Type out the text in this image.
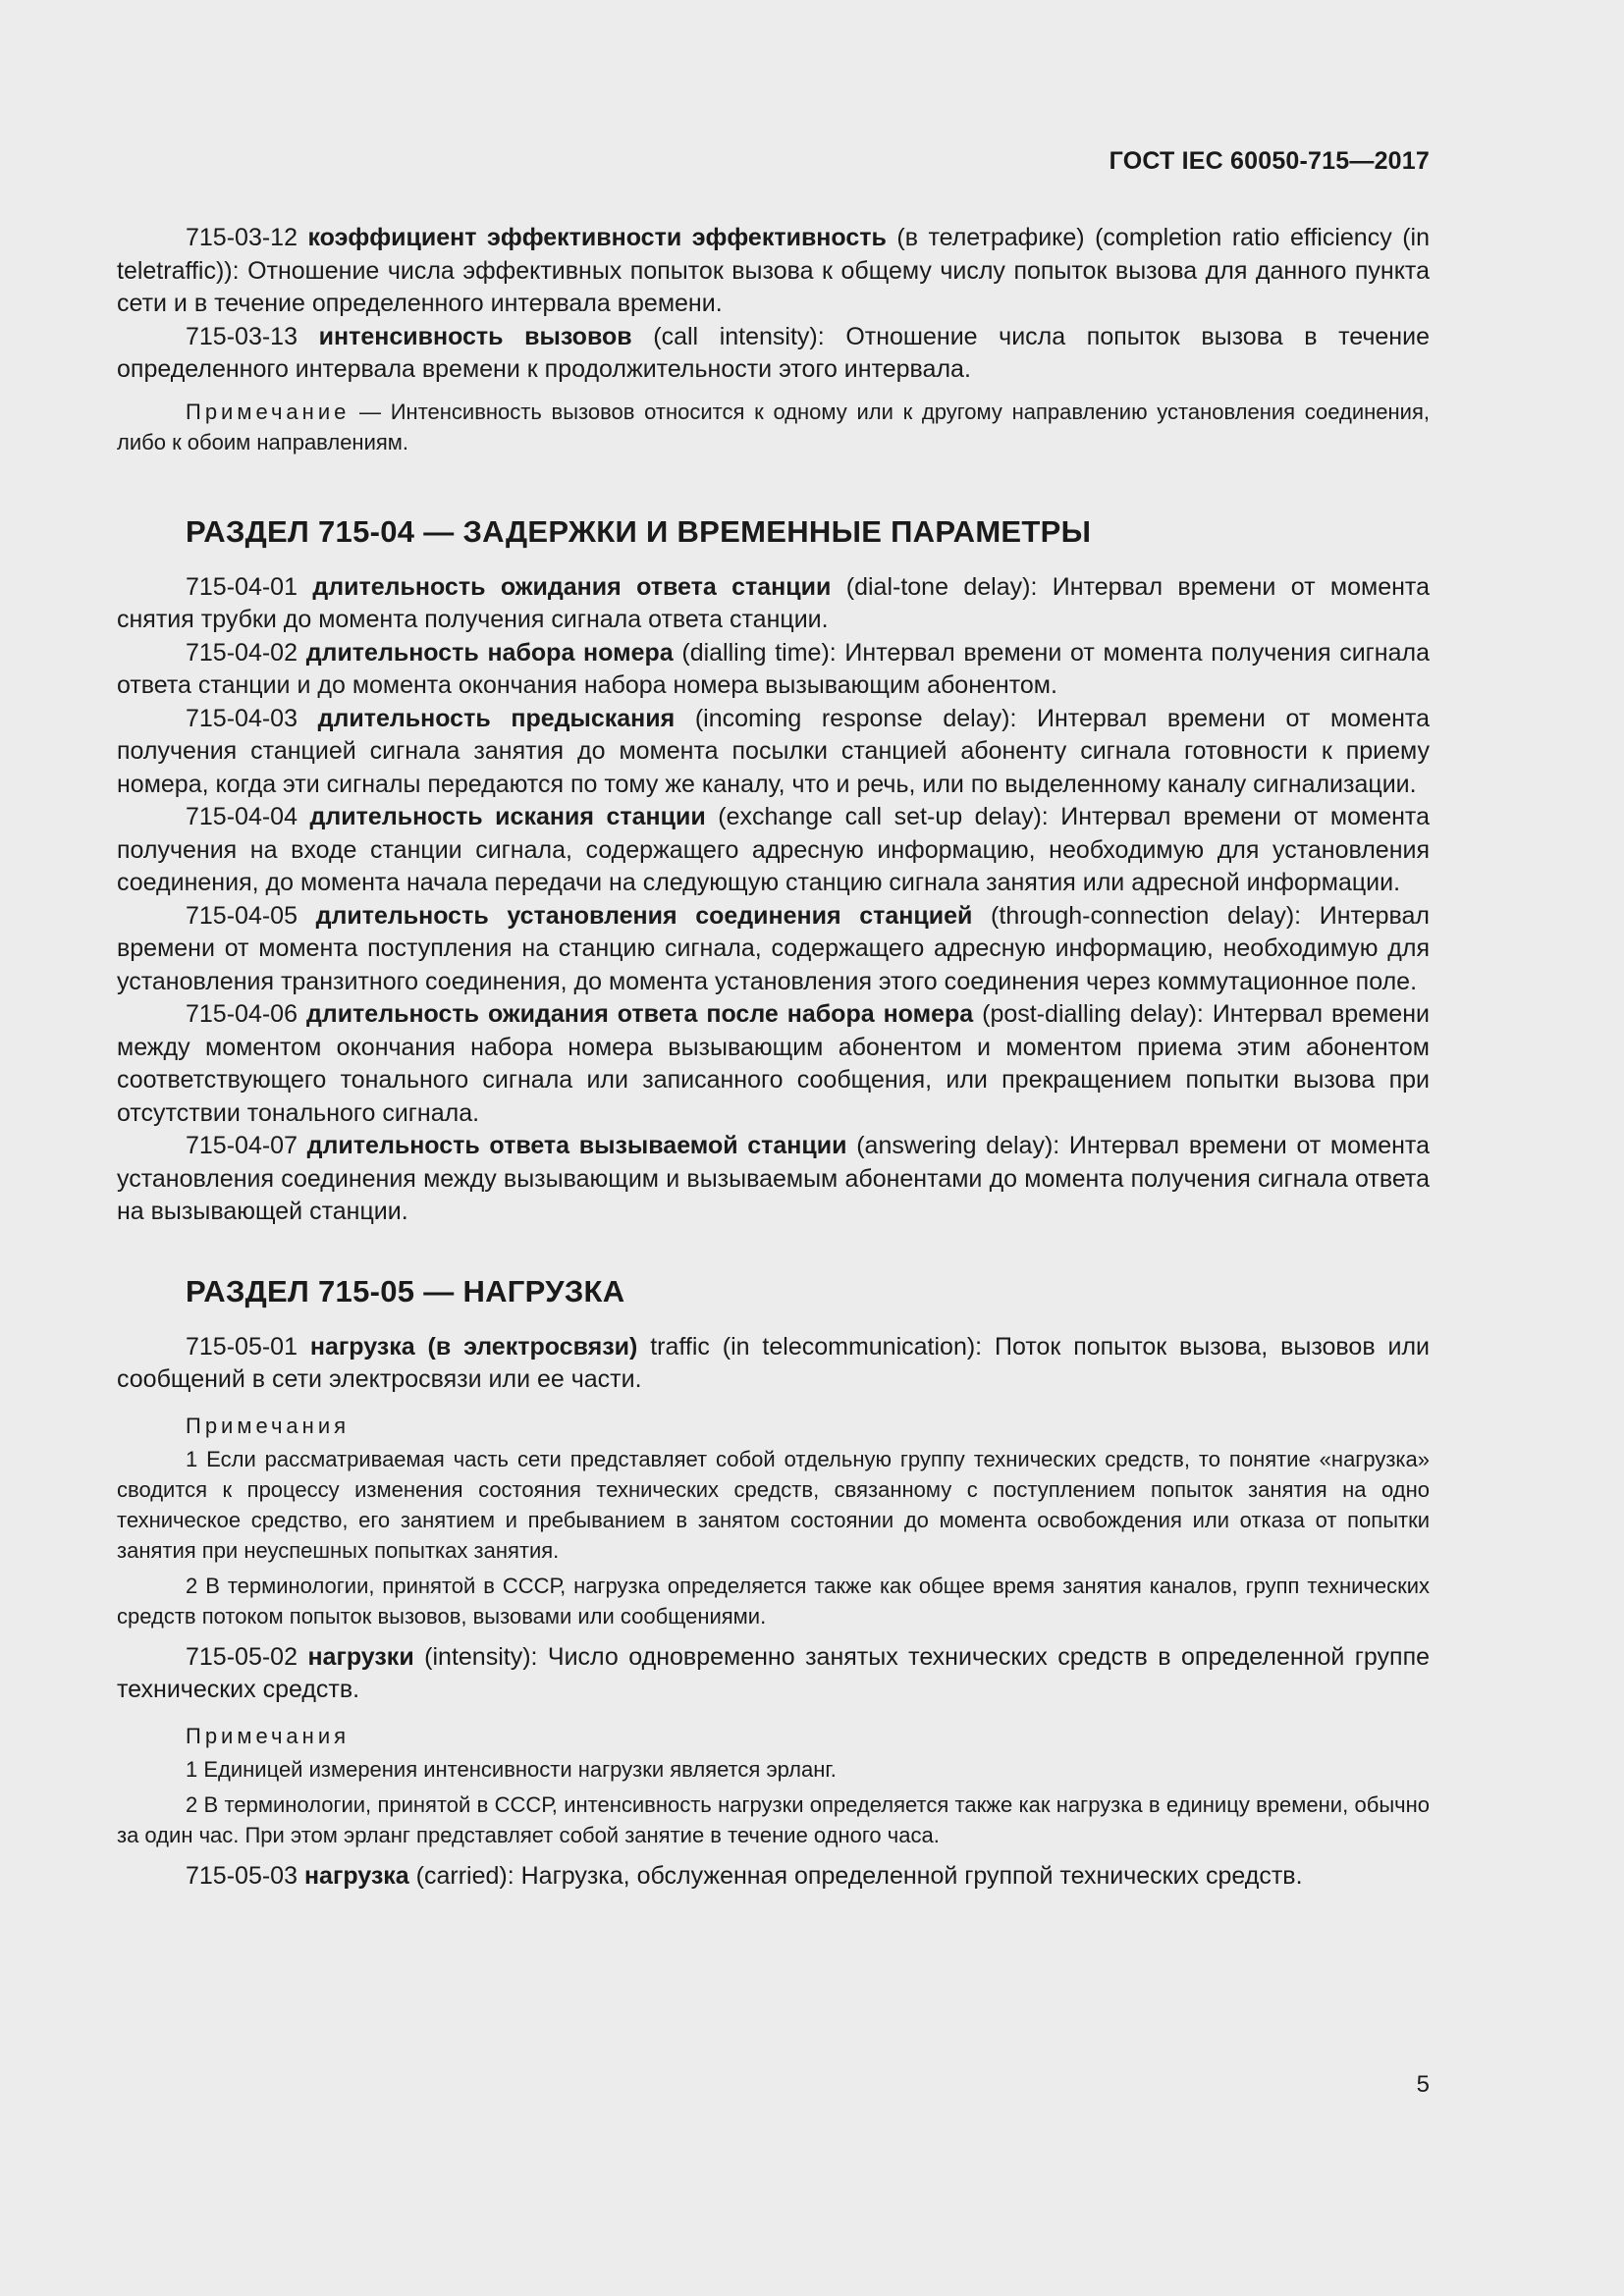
ГОСТ IEC 60050-715—2017

715-03-12 коэффициент эффективности эффективность (в телетрафике) (completion ratio efficiency (in teletraffic)): Отношение числа эффективных попыток вызова к общему числу попыток вызова для данного пункта сети и в течение определенного интервала времени.

715-03-13 интенсивность вызовов (call intensity): Отношение числа попыток вызова в течение определенного интервала времени к продолжительности этого интервала.

Примечание — Интенсивность вызовов относится к одному или к другому направлению установления соединения, либо к обоим направлениям.

РАЗДЕЛ 715-04 — ЗАДЕРЖКИ И ВРЕМЕННЫЕ ПАРАМЕТРЫ

715-04-01 длительность ожидания ответа станции (dial-tone delay): Интервал времени от момента снятия трубки до момента получения сигнала ответа станции.

715-04-02 длительность набора номера (dialling time): Интервал времени от момента получения сигнала ответа станции и до момента окончания набора номера вызывающим абонентом.

715-04-03 длительность предыскания (incoming response delay): Интервал времени от момента получения станцией сигнала занятия до момента посылки станцией абоненту сигнала готовности к приему номера, когда эти сигналы передаются по тому же каналу, что и речь, или по выделенному каналу сигнализации.

715-04-04 длительность искания станции (exchange call set-up delay): Интервал времени от момента получения на входе станции сигнала, содержащего адресную информацию, необходимую для установления соединения, до момента начала передачи на следующую станцию сигнала занятия или адресной информации.

715-04-05 длительность установления соединения станцией (through-connection delay): Интервал времени от момента поступления на станцию сигнала, содержащего адресную информацию, необходимую для установления транзитного соединения, до момента установления этого соединения через коммутационное поле.

715-04-06 длительность ожидания ответа после набора номера (post-dialling delay): Интервал времени между моментом окончания набора номера вызывающим абонентом и моментом приема этим абонентом соответствующего тонального сигнала или записанного сообщения, или прекращением попытки вызова при отсутствии тонального сигнала.

715-04-07 длительность ответа вызываемой станции (answering delay): Интервал времени от момента установления соединения между вызывающим и вызываемым абонентами до момента получения сигнала ответа на вызывающей станции.

РАЗДЕЛ 715-05 — НАГРУЗКА

715-05-01 нагрузка (в электросвязи) traffic (in telecommunication): Поток попыток вызова, вызовов или сообщений в сети электросвязи или ее части.

Примечания

1 Если рассматриваемая часть сети представляет собой отдельную группу технических средств, то понятие «нагрузка» сводится к процессу изменения состояния технических средств, связанному с поступлением попыток занятия на одно техническое средство, его занятием и пребыванием в занятом состоянии до момента освобождения или отказа от попытки занятия при неуспешных попытках занятия.

2 В терминологии, принятой в СССР, нагрузка определяется также как общее время занятия каналов, групп технических средств потоком попыток вызовов, вызовами или сообщениями.

715-05-02 нагрузки (intensity): Число одновременно занятых технических средств в определенной группе технических средств.

Примечания

1 Единицей измерения интенсивности нагрузки является эрланг.

2 В терминологии, принятой в СССР, интенсивность нагрузки определяется также как нагрузка в единицу времени, обычно за один час. При этом эрланг представляет собой занятие в течение одного часа.

715-05-03 нагрузка (carried): Нагрузка, обслуженная определенной группой технических средств.

5
